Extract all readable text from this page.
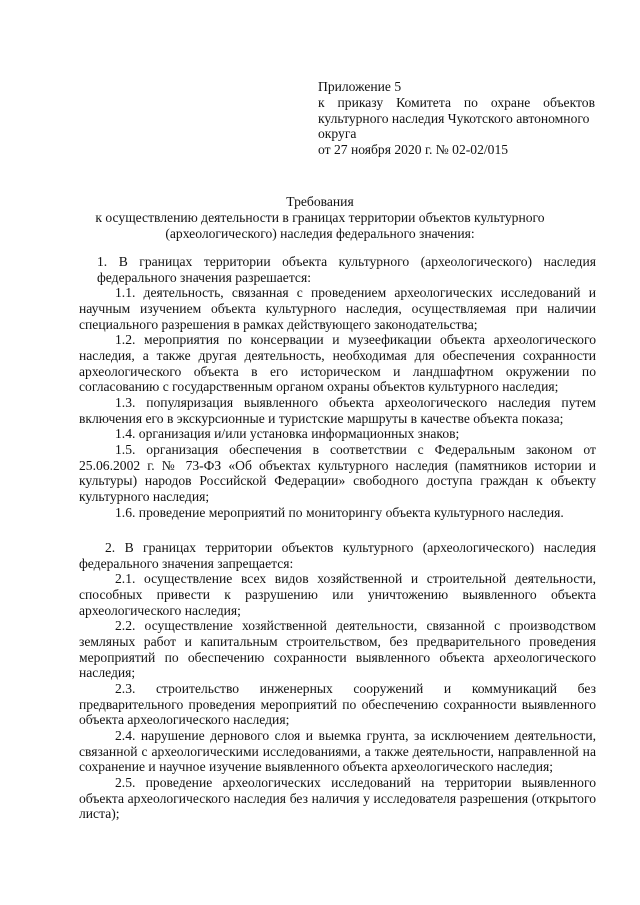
Приложение 5
к приказу Комитета по охране объектов
культурного наследия Чукотского автономного
округа
от 27 ноября 2020 г. № 02-02/015
Требования
к осуществлению деятельности в границах территории объектов культурного
(археологического) наследия федерального значения:
1. В границах территории объекта культурного (археологического) наследия федерального значения разрешается:
1.1. деятельность, связанная с проведением археологических исследований и научным изучением объекта культурного наследия, осуществляемая при наличии специального разрешения в рамках действующего законодательства;
1.2. мероприятия по консервации и музеефикации объекта археологического наследия, а также другая деятельность, необходимая для обеспечения сохранности археологического объекта в его историческом и ландшафтном окружении по согласованию с государственным органом охраны объектов культурного наследия;
1.3. популяризация выявленного объекта археологического наследия путем включения его в экскурсионные и туристские маршруты в качестве объекта показа;
1.4. организация и/или установка информационных знаков;
1.5. организация обеспечения в соответствии с Федеральным законом от 25.06.2002 г. № 73-ФЗ «Об объектах культурного наследия (памятников истории и культуры) народов Российской Федерации» свободного доступа граждан к объекту культурного наследия;
1.6. проведение мероприятий по мониторингу объекта культурного наследия.
2. В границах территории объектов культурного (археологического) наследия федерального значения запрещается:
2.1. осуществление всех видов хозяйственной и строительной деятельности, способных привести к разрушению или уничтожению выявленного объекта археологического наследия;
2.2. осуществление хозяйственной деятельности, связанной с производством земляных работ и капитальным строительством, без предварительного проведения мероприятий по обеспечению сохранности выявленного объекта археологического наследия;
2.3. строительство инженерных сооружений и коммуникаций без предварительного проведения мероприятий по обеспечению сохранности выявленного объекта археологического наследия;
2.4. нарушение дернового слоя и выемка грунта, за исключением деятельности, связанной с археологическими исследованиями, а также деятельности, направленной на сохранение и научное изучение выявленного объекта археологического наследия;
2.5. проведение археологических исследований на территории выявленного объекта археологического наследия без наличия у исследователя разрешения (открытого листа);
